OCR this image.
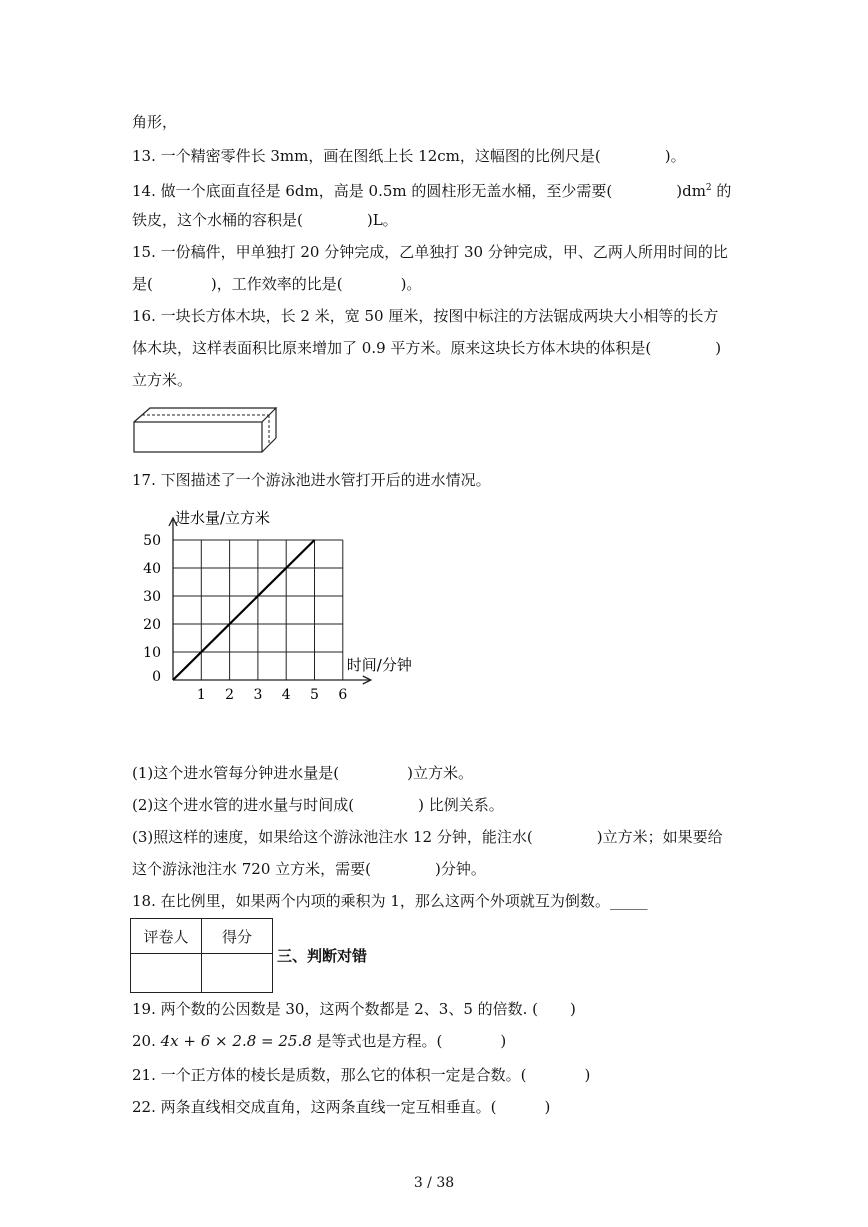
角形，
13. 一个精密零件长 3mm，画在图纸上长 12cm，这幅图的比例尺是(	)。
14. 做一个底面直径是 6dm，高是 0.5m 的圆柱形无盖水桶，至少需要(	)$dm^2$ 的
铁皮，这个水桶的容积是(	)L。
15. 一份稿件，甲单独打 20 分钟完成，乙单独打 30 分钟完成，甲、乙两人所用时间的比
是(	)，工作效率的比是(	)。
16. 一块长方体木块，长 2 米，宽 50 厘米，按图中标注的方法锯成两块大小相等的长方
体木块，这样表面积比原来增加了 0.9 平方米。原来这块长方体木块的体积是(	)
立方米。
17. 下图描述了一个游泳池进水管打开后的进水情况。
1 2 3 4 5 6
0
10
20
30
40
50
进水量/立方米
时间/分钟
(1)这个进水管每分钟进水量是(	)立方米。
(2)这个进水管的进水量与时间成(	) 比例关系。
(3)照这样的速度，如果给这个游泳池注水 12 分钟，能注水(	)立方米；如果要给
这个游泳池注水 720 立方米，需要(	)分钟。
18. 在比例里，如果两个内项的乘积为 1，那么这两个外项就互为倒数。_____
评卷人	得分

三、判断对错
19. 两个数的公因数是 30，这两个数都是 2、3、5 的倍数. ( )
20. 4x + 6 × 2.8 = 25.8 是等式也是方程。(	)
21. 一个正方体的棱长是质数，那么它的体积一定是合数。(	)
22. 两条直线相交成直角，这两条直线一定互相垂直。(	)
3 / 38
